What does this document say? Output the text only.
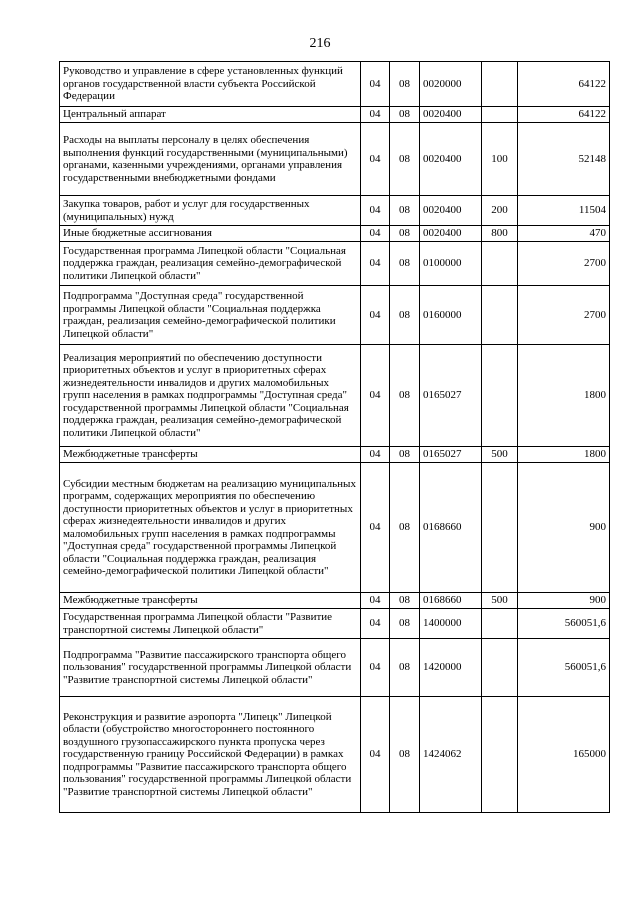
216
Руководство и управление в сфере установленных функций органов государственной власти субъекта Российской Федерации	04	08	0020000		64122
Центральный аппарат	04	08	0020400		64122
Расходы на выплаты персоналу в целях обеспечения выполнения функций государственными (муниципальными) органами, казенными учреждениями, органами управления государственными внебюджетными фондами	04	08	0020400	100	52148
Закупка товаров, работ и услуг для государственных (муниципальных) нужд	04	08	0020400	200	11504
Иные бюджетные ассигнования	04	08	0020400	800	470
Государственная программа Липецкой области "Социальная поддержка граждан, реализация семейно-демографической политики Липецкой области"	04	08	0100000		2700
Подпрограмма "Доступная среда" государственной программы Липецкой области "Социальная поддержка граждан, реализация семейно-демографической политики Липецкой области"	04	08	0160000		2700
Реализация мероприятий по обеспечению доступности приоритетных объектов и услуг в приоритетных сферах жизнедеятельности инвалидов и других маломобильных групп населения в рамках подпрограммы "Доступная среда" государственной программы Липецкой области "Социальная поддержка граждан, реализация семейно-демографической политики Липецкой области"	04	08	0165027		1800
Межбюджетные трансферты	04	08	0165027	500	1800
Субсидии местным бюджетам на реализацию муниципальных программ, содержащих мероприятия по обеспечению доступности приоритетных объектов и услуг в приоритетных сферах жизнедеятельности инвалидов и других маломобильных групп населения в рамках подпрограммы "Доступная среда" государственной программы Липецкой области "Социальная поддержка граждан, реализация семейно-демографической политики Липецкой области"	04	08	0168660		900
Межбюджетные трансферты	04	08	0168660	500	900
Государственная программа Липецкой области "Развитие транспортной системы Липецкой области"	04	08	1400000		560051,6
Подпрограмма "Развитие пассажирского транспорта общего пользования" государственной программы Липецкой области "Развитие транспортной системы Липецкой области"	04	08	1420000		560051,6
Реконструкция и развитие аэропорта "Липецк" Липецкой области (обустройство многостороннего постоянного воздушного грузопассажирского пункта пропуска через государственную границу Российской Федерации) в рамках подпрограммы "Развитие пассажирского транспорта общего пользования" государственной программы Липецкой области "Развитие транспортной системы Липецкой области"	04	08	1424062		165000
